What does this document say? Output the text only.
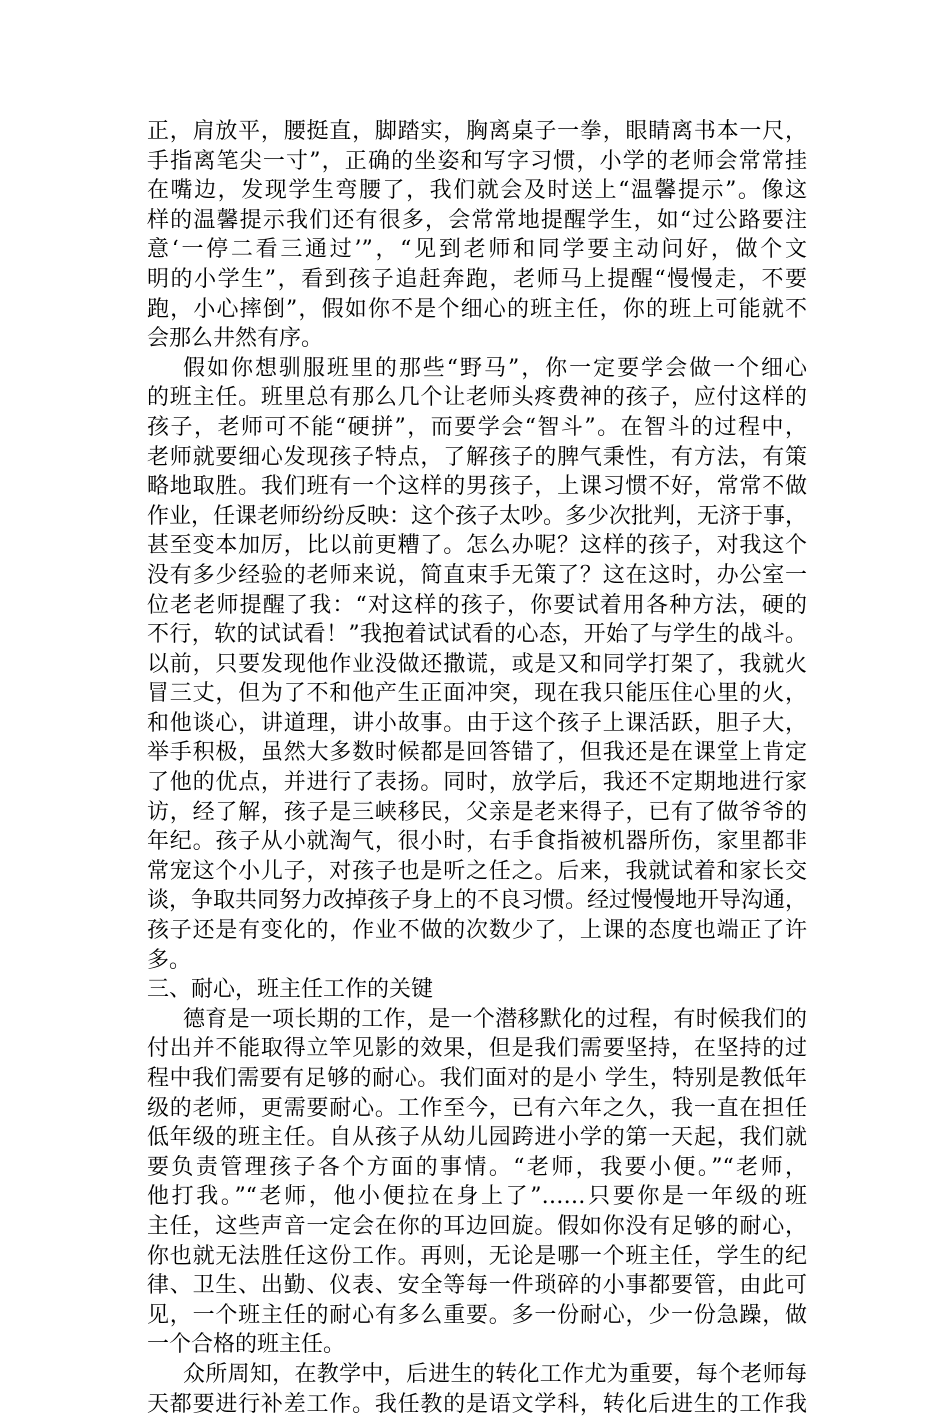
正，肩放平，腰挺直，脚踏实，胸离桌子一拳，眼睛离书本一尺，
手指离笔尖一寸”，正确的坐姿和写字习惯，小学的老师会常常挂
在嘴边，发现学生弯腰了，我们就会及时送上“温馨提示”。像这
样的温馨提示我们还有很多，会常常地提醒学生，如“过公路要注
意‘一停二看三通过’”，“见到老师和同学要主动问好，做个文
明的小学生”，看到孩子追赶奔跑，老师马上提醒“慢慢走，不要
跑，小心摔倒”，假如你不是个细心的班主任，你的班上可能就不
会那么井然有序。
假如你想驯服班里的那些“野马”，你一定要学会做一个细心
的班主任。班里总有那么几个让老师头疼费神的孩子，应付这样的
孩子，老师可不能“硬拼”，而要学会“智斗”。在智斗的过程中，
老师就要细心发现孩子特点，了解孩子的脾气秉性，有方法，有策
略地取胜。我们班有一个这样的男孩子，上课习惯不好，常常不做
作业，任课老师纷纷反映：这个孩子太吵。多少次批判，无济于事，
甚至变本加厉，比以前更糟了。怎么办呢？这样的孩子，对我这个
没有多少经验的老师来说，简直束手无策了？这在这时，办公室一
位老老师提醒了我：“对这样的孩子，你要试着用各种方法，硬的
不行，软的试试看！”我抱着试试看的心态，开始了与学生的战斗。
以前，只要发现他作业没做还撒谎，或是又和同学打架了，我就火
冒三丈，但为了不和他产生正面冲突，现在我只能压住心里的火，
和他谈心，讲道理，讲小故事。由于这个孩子上课活跃，胆子大，
举手积极，虽然大多数时候都是回答错了，但我还是在课堂上肯定
了他的优点，并进行了表扬。同时，放学后，我还不定期地进行家
访，经了解，孩子是三峡移民，父亲是老来得子，已有了做爷爷的
年纪。孩子从小就淘气，很小时，右手食指被机器所伤，家里都非
常宠这个小儿子，对孩子也是听之任之。后来，我就试着和家长交
谈，争取共同努力改掉孩子身上的不良习惯。经过慢慢地开导沟通，
孩子还是有变化的，作业不做的次数少了，上课的态度也端正了许
多。
三、耐心，班主任工作的关键
德育是一项长期的工作，是一个潜移默化的过程，有时候我们的
付出并不能取得立竿见影的效果，但是我们需要坚持，在坚持的过
程中我们需要有足够的耐心。我们面对的是小 学生，特别是教低年
级的老师，更需要耐心。工作至今，已有六年之久，我一直在担任
低年级的班主任。自从孩子从幼儿园跨进小学的第一天起，我们就
要负责管理孩子各个方面的事情。“老师，我要小便。”“老师，
他打我。”“老师，他小便拉在身上了”……只要你是一年级的班
主任，这些声音一定会在你的耳边回旋。假如你没有足够的耐心，
你也就无法胜任这份工作。再则，无论是哪一个班主任，学生的纪
律、卫生、出勤、仪表、安全等每一件琐碎的小事都要管，由此可
见，一个班主任的耐心有多么重要。多一份耐心，少一份急躁，做
一个合格的班主任。
众所周知，在教学中，后进生的转化工作尤为重要，每个老师每
天都要进行补差工作。我任教的是语文学科，转化后进生的工作我
